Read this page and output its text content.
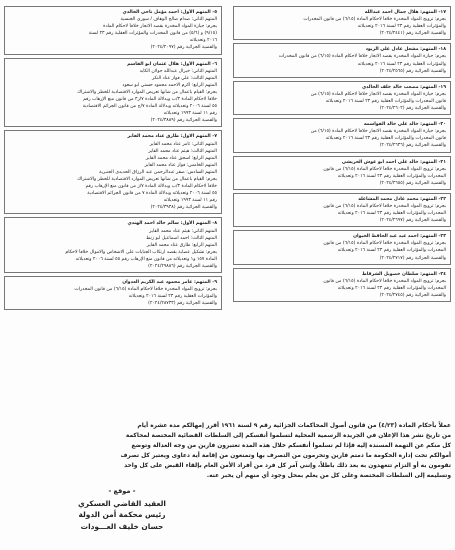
١٧- المتهم: هلال جمال احمد عبدالله
بجرم: ترويج المواد المخدرة خلافاً لاحكام المادة (٦/١٥) من قانون المخدرات
والمؤثرات العقلية رقم ٢٣ لسنة ٢٠١٦ وتعديلاته
والقضية الجزائية رقم (٢٠٢٤/٢٤٤١)
١٨- المتهم: مشعل عادل علي الزيود
بجرم: حيازة المواد المخدرة بقصد الاتجار خلافاً لاحكام المادة (٦/١٥) من قانون المخدرات
والمؤثرات العقلية رقم ٢٣ لسنة ٢٠١٦ وتعديلاته
والقضية الجزائية رقم (٢٠٢٤/٢٥٦٥)
١٩- المتهم: مصعب خالد خلف الخالدي
بجرم: حيازة المواد المخدرة بقصد الاتجار خلافاً لاحكام المادة (٦/١٥) من
قانون المخدرات والمؤثرات العقلية رقم ٢٣ لسنة ٢٠١٦ وتعديلاته
والقضية الجزائية رقم (٢٠٢٤/٢٦٠٢)
٢٠- المتهم: خالد علي خالد القواسمه
بجرم: حيازة المواد المخدرة بقصد الاتجار خلافاً لاحكام المادة (٦/١٥) من
قانون المخدرات والمؤثرات العقلية رقم ٢٣ لسنة ٢٠١٦ وتعديلاته
والقضية الجزائية رقم (٢٠٢٤/٢٦٣٦)
٢١- المتهم: خالد علي احمد ابو غوش الخريشي
بجرم: ترويج المواد المخدرة خلافاً لاحكام المادة (٦/١٥) من قانون
المخدرات والمؤثرات العقلية رقم ٢٣ لسنة ٢٠١٦ وتعديلاته
والقضية الجزائية رقم (٢٠٢٤/٢٦٥٥)
٢٢- المتهم: محمد عادل محمد المشاعله
بجرم: ترويج المواد المخدرة خلافاً لاحكام المادة (٦/١٥) من قانون
المخدرات والمؤثرات العقلية رقم ٢٣ لسنة ٢٠١٦ وتعديلاته
والقضية الجزائية رقم (٢٠٢٤/٢٦٩٧)
٢٣- المتهم: احمد عيد عبد الحافظ الخيوان
بجرم: ترويج المواد المخدرة خلافاً لاحكام المادة (٦/١٥) من قانون
المخدرات والمؤثرات العقلية رقم ٢٣ لسنة ٢٠١٦ وتعديلاته
والقضية الجزائية رقم (٢٠٢٤/٢٧١٧)
٢٤- المتهم: سلطان خصوبل الشرقاط
بجرم: ترويج المواد المخدرة خلافاً لاحكام المادة (٦/١٥) من قانون
المخدرات والمؤثرات العقلية رقم ٢٣ لسنة ٢٠١٦ وتعديلاته
والقضية الجزائية رقم (٢٠٢٤/٢٧٤٥)
٥- المتهم الأول: احمد مؤمل ناجي الخالدي
المتهم الثاني: صدام صالح الوهاف / سوري الجنسية
بجرم: حيازة المواد المخدرة بقصد الاتجار خلافاً لاحكام المادة
(٩/١٥) و (٥/٦) من قانون المخدرات والمؤثرات العقلية رقم ٢٣ لسنة
٢٠١٦ وتعديلاته
والقضية الجزائية رقم (٢٠٢٤/٢٠٩٧)
٦- المتهم الأول: هلال عثمان ابو القاسم
المتهم الثاني: خيرال عبدالله جولان الكايد
المتهم الثالث: علي فواز عناد النكز
المتهم الرابع: اكرم الاحمد محمود حسني ابو سعود
بجرم: القيام باعمال من شأنها تعريض الموارد الاقتصادية للخطر والاشتراك
خلافاً لاحكام المادة ٣/ب وبدلالة المادة ٧/ز٣ من قانون منع الإرهاب رقم
٥٥ لسنة ٢٠٠٦ وتعديلاته وبدلالة المادة ٧/ج من قانون الجرائم الاقتصادية
رقم ١١ لسنة ١٩٩٣ وتعديلاته
والقضية الجزائية رقم (٢٠٢٤/٣٨٨٩)
٧- المتهم الاول: طارق عناد محمد الفايز
المتهم الثاني: ثامر عناد محمد الفايز
المتهم الثالث: هيثم عناد محمد الفايز
المتهم الرابع: اسحق عناد محمد الفايز
المتهم الخامس: فواز عناد محمد الفايز
المتهم السادس: صقر عبدالرحمن عبد الرزاق الحديدي الجنبرية
بجرم: القيام باعمال من شأنها تعريض الموارد الاقتصادية للخطر والاشتراك
خلافاً لاحكام المادة ٣/ب وبدلالة المادة ٧/ز من قانون منع الإرهاب رقم
٥٥ لسنة ٢٠٠٦ وتعديلاته وبدلالة المادة ٧ من قانون الجرائم الاقتصادية
رقم ١١ لسنة ١٩٩٣ وتعديلاته
والقضية الجزائية رقم (٢٠٢٤/٣٩٣٨)
٨- المتهم الأول: سالم خالد احمد الهندي
المتهم الثاني: هيثم عناد محمد الفايز
المتهم الثالث: احمد اسماعيل ابو زنط
المتهم الرابع: طارق عناد محمد الفايز
بجرم: تشكيل عصابة بقصد ارتكاب الجنايات على الاشخاص والاموال خلافاً لاحكام
المادة ١٥٧ و١ وتعديلاته من قانون منع الإرهاب رقم ٥٥ لسنة ٢٠٠٦ وتعديلاته
والقضية الجزائية رقم (٢٠٢٤/٢٩٨٨٦)
٩- المتهم: عامر محمود عبد الكريم العدوان
بجرم: ترويج المواد المخدرة خلافاً لاحكام المادة (٦/١٥) من قانون المخدرات
والمؤثرات العقلية رقم ٢٣ لسنة ٢٠١٦ وتعديلاته
والقضية الجزائية رقم (٢٠٢٤/٢٨٧٣٣)
عملاً بأحكام المادة (٤/٢٣) من قانون أصول المحاكمات الجزائية رقم ٩ لسنة ١٩٦١ أقرر إمهالكم مدة عشرة أيام
من تاريخ نشر هذا الإعلان في الجريدة الرسمية المحلية لتسلموا أنفسكم إلى السلطات القضائية المختصة لمحاكمة
كل منكم عن التهمة المسندة إليه فإذا لم تسلموا أنفسكم خلال هذه المدة تعتبرون فارين من وجه العدالة وتوضع
أموالكم تحت إدارة الحكومة ما دمتم فارين وتحرمون من التصرف بها وتمنعون من إقامة أية دعاوى ويعتبر كل تصرف
تقومون به أو التزام تتعهدون به بعد ذلك باطلاً، وإنني آمر كل فرد من أفراد الأمن العام بإلقاء القبض على كل واحد
وتسليمه إلى السلطات المختصة وعلى كل من يعلم بمحل وجود أي منهم أن يخبر عنه.
- موقع -
العقيد القاضي العسكري
رئيس محكمة أمن الدولة
حسان خليف العـــودات
